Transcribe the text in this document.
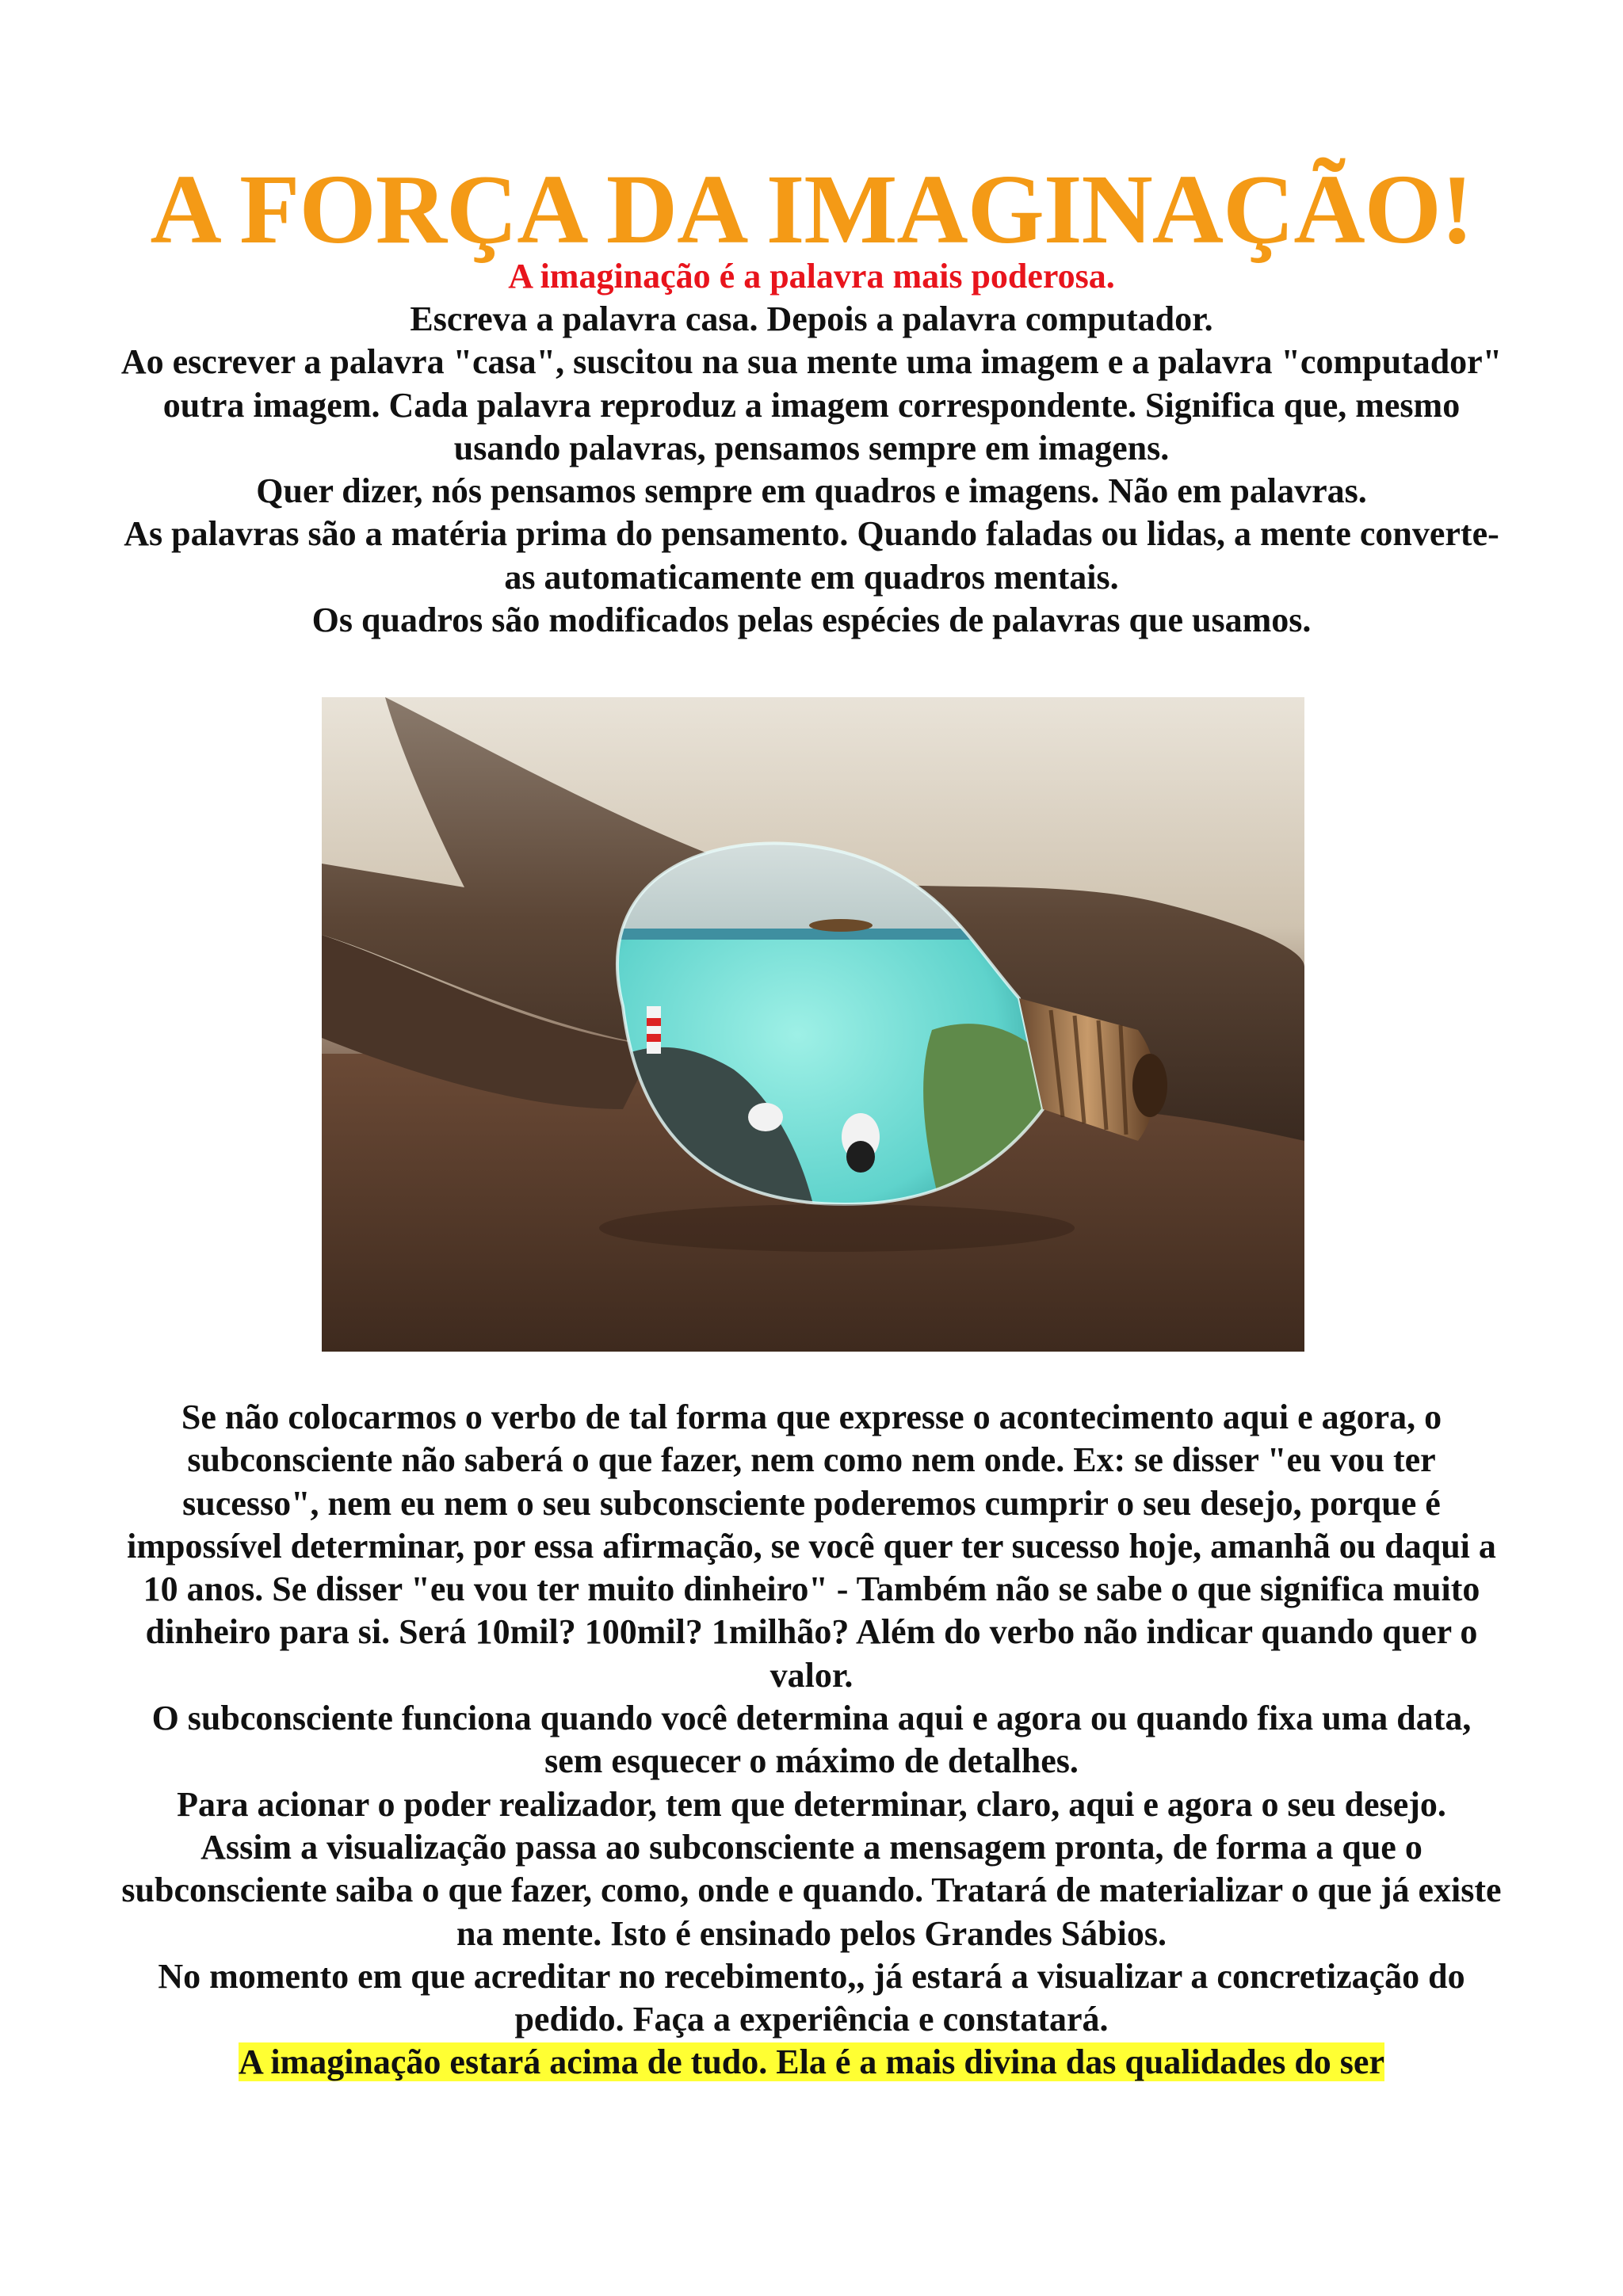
A FORÇA DA IMAGINAÇÃO!
A imaginação é a palavra mais poderosa.

Escreva a palavra casa. Depois a palavra computador.

Ao escrever a palavra "casa", suscitou na sua mente uma imagem e a palavra "computador" outra imagem. Cada palavra reproduz a imagem correspondente. Significa que, mesmo usando palavras, pensamos sempre em imagens.

Quer dizer, nós pensamos sempre em quadros e imagens. Não em palavras.

As palavras são a matéria prima do pensamento. Quando faladas ou lidas, a mente converte-as automaticamente em quadros mentais.

Os quadros são modificados pelas espécies de palavras que usamos.

Se não colocarmos o verbo de tal forma que expresse o acontecimento aqui e agora, o subconsciente não saberá o que fazer, nem como nem onde. Ex: se disser "eu vou ter sucesso", nem eu nem o seu subconsciente poderemos cumprir o seu desejo, porque é impossível determinar, por essa afirmação, se você quer ter sucesso hoje, amanhã ou daqui a 10 anos. Se disser "eu vou ter muito dinheiro" - Também não se sabe o que significa muito dinheiro para si. Será 10mil? 100mil? 1milhão? Além do verbo não indicar quando quer o valor.

O subconsciente funciona quando você determina aqui e agora ou quando fixa uma data, sem esquecer o máximo de detalhes.

Para acionar o poder realizador, tem que determinar, claro, aqui e agora o seu desejo.

Assim a visualização passa ao subconsciente a mensagem pronta, de forma a que o subconsciente saiba o que fazer, como, onde e quando. Tratará de materializar o que já existe na mente. Isto é ensinado pelos Grandes Sábios.

No momento em que acreditar no recebimento,, já estará a visualizar a concretização do pedido. Faça a experiência e constatará.

A imaginação estará acima de tudo. Ela é a mais divina das qualidades do ser
